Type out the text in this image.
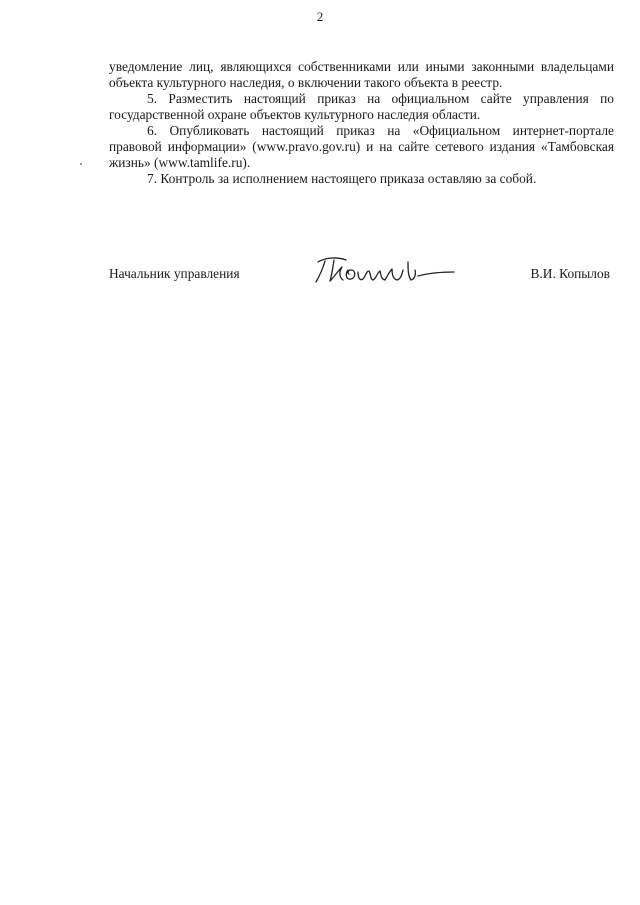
2

уведомление лиц, являющихся собственниками или иными законными владельцами объекта культурного наследия, о включении такого объекта в реестр.

5. Разместить настоящий приказ на официальном сайте управления по государственной охране объектов культурного наследия области.

6. Опубликовать настоящий приказ на «Официальном интернет-портале правовой информации» (www.pravo.gov.ru) и на сайте сетевого издания «Тамбовская жизнь» (www.tamlife.ru).

7. Контроль за исполнением настоящего приказа оставляю за собой.

Начальник управления	В.И. Копылов
